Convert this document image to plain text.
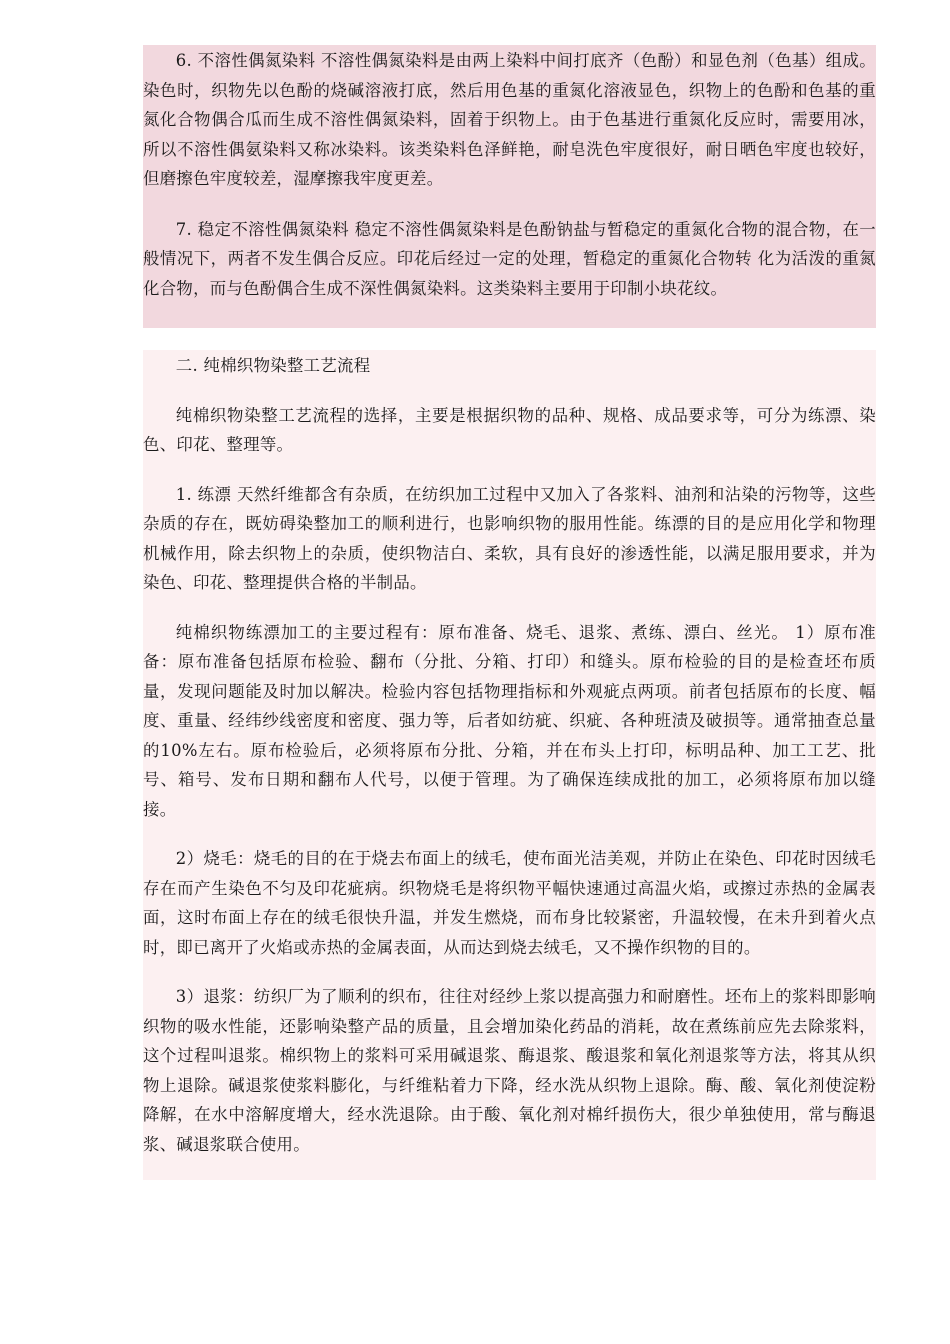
6. 不溶性偶氮染料 不溶性偶氮染料是由两上染料中间打底齐（色酚）和显色剂（色基）组成。染色时，织物先以色酚的烧碱溶液打底，然后用色基的重氮化溶液显色，织物上的色酚和色基的重氮化合物偶合瓜而生成不溶性偶氮染料，固着于织物上。由于色基进行重氮化反应时，需要用冰，所以不溶性偶氨染料又称冰染料。该类染料色泽鲜艳，耐皂洗色牢度很好，耐日晒色牢度也较好，但磨擦色牢度较差，湿摩擦我牢度更差。

7. 稳定不溶性偶氮染料 稳定不溶性偶氮染料是色酚钠盐与暂稳定的重氮化合物的混合物，在一般情况下，两者不发生偶合反应。印花后经过一定的处理，暂稳定的重氮化合物转 化为活泼的重氮化合物，而与色酚偶合生成不深性偶氮染料。这类染料主要用于印制小块花纹。

二. 纯棉织物染整工艺流程

纯棉织物染整工艺流程的选择，主要是根据织物的品种、规格、成品要求等，可分为练漂、染色、印花、整理等。

1. 练漂 天然纤维都含有杂质，在纺织加工过程中又加入了各浆料、油剂和沾染的污物等，这些杂质的存在，既妨碍染整加工的顺利进行，也影响织物的服用性能。练漂的目的是应用化学和物理机械作用，除去织物上的杂质，使织物洁白、柔软，具有良好的渗透性能，以满足服用要求，并为染色、印花、整理提供合格的半制品。

纯棉织物练漂加工的主要过程有：原布准备、烧毛、退浆、煮练、漂白、丝光。 1）原布准备：原布准备包括原布检验、翻布（分批、分箱、打印）和缝头。原布检验的目的是检查坯布质量，发现问题能及时加以解决。检验内容包括物理指标和外观疵点两项。前者包括原布的长度、幅度、重量、经纬纱线密度和密度、强力等，后者如纺疵、织疵、各种班渍及破损等。通常抽查总量的10%左右。原布检验后，必须将原布分批、分箱，并在布头上打印，标明品种、加工工艺、批号、箱号、发布日期和翻布人代号，以便于管理。为了确保连续成批的加工，必须将原布加以缝接。

2）烧毛：烧毛的目的在于烧去布面上的绒毛，使布面光洁美观，并防止在染色、印花时因绒毛存在而产生染色不匀及印花疵病。织物烧毛是将织物平幅快速通过高温火焰，或擦过赤热的金属表面，这时布面上存在的绒毛很快升温，并发生燃烧，而布身比较紧密，升温较慢，在未升到着火点时，即已离开了火焰或赤热的金属表面，从而达到烧去绒毛，又不操作织物的目的。

3）退浆：纺织厂为了顺利的织布，往往对经纱上浆以提高强力和耐磨性。坯布上的浆料即影响织物的吸水性能，还影响染整产品的质量，且会增加染化药品的消耗，故在煮练前应先去除浆料，这个过程叫退浆。棉织物上的浆料可采用碱退浆、酶退浆、酸退浆和氧化剂退浆等方法，将其从织物上退除。碱退浆使浆料膨化，与纤维粘着力下降，经水洗从织物上退除。酶、酸、氧化剂使淀粉降解，在水中溶解度增大，经水洗退除。由于酸、氧化剂对棉纤损伤大，很少单独使用，常与酶退浆、碱退浆联合使用。
